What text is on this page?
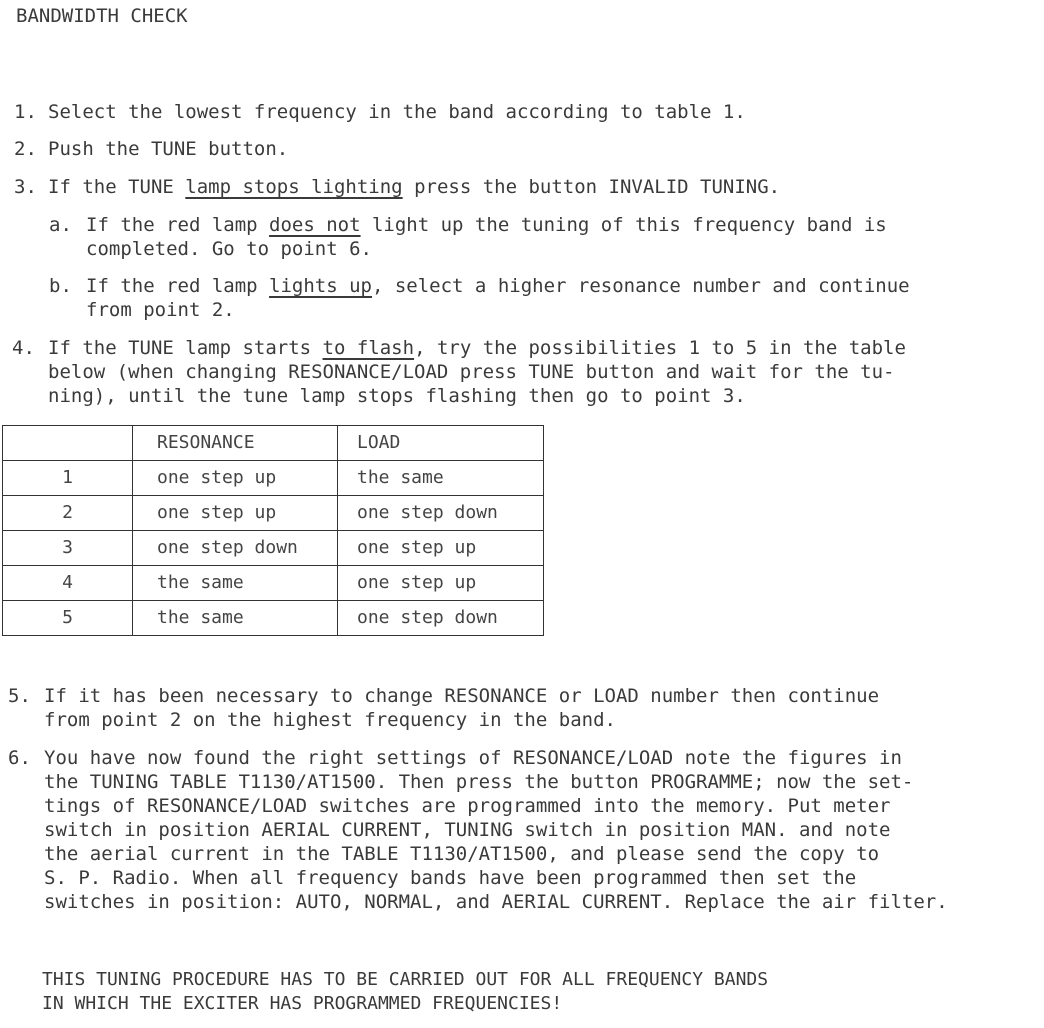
BANDWIDTH CHECK
1. Select the lowest frequency in the band according to table 1.
2. Push the TUNE button.
3. If the TUNE lamp stops lighting press the button INVALID TUNING.
a. If the red lamp does not light up the tuning of this frequency band is
completed. Go to point 6.
b. If the red lamp lights up, select a higher resonance number and continue
from point 2.
4. If the TUNE lamp starts to flash, try the possibilities 1 to 5 in the table
below (when changing RESONANCE/LOAD press TUNE button and wait for the tu-
ning), until the tune lamp stops flashing then go to point 3.
	RESONANCE	LOAD
1	one step up	the same
2	one step up	one step down
3	one step down	one step up
4	the same	one step up
5	the same	one step down
5. If it has been necessary to change RESONANCE or LOAD number then continue
from point 2 on the highest frequency in the band.
6. You have now found the right settings of RESONANCE/LOAD note the figures in
the TUNING TABLE T1130/AT1500. Then press the button PROGRAMME; now the set-
tings of RESONANCE/LOAD switches are programmed into the memory. Put meter
switch in position AERIAL CURRENT, TUNING switch in position MAN. and note
the aerial current in the TABLE T1130/AT1500, and please send the copy to
S. P. Radio. When all frequency bands have been programmed then set the
switches in position: AUTO, NORMAL, and AERIAL CURRENT. Replace the air filter.
THIS TUNING PROCEDURE HAS TO BE CARRIED OUT FOR ALL FREQUENCY BANDS
IN WHICH THE EXCITER HAS PROGRAMMED FREQUENCIES!
